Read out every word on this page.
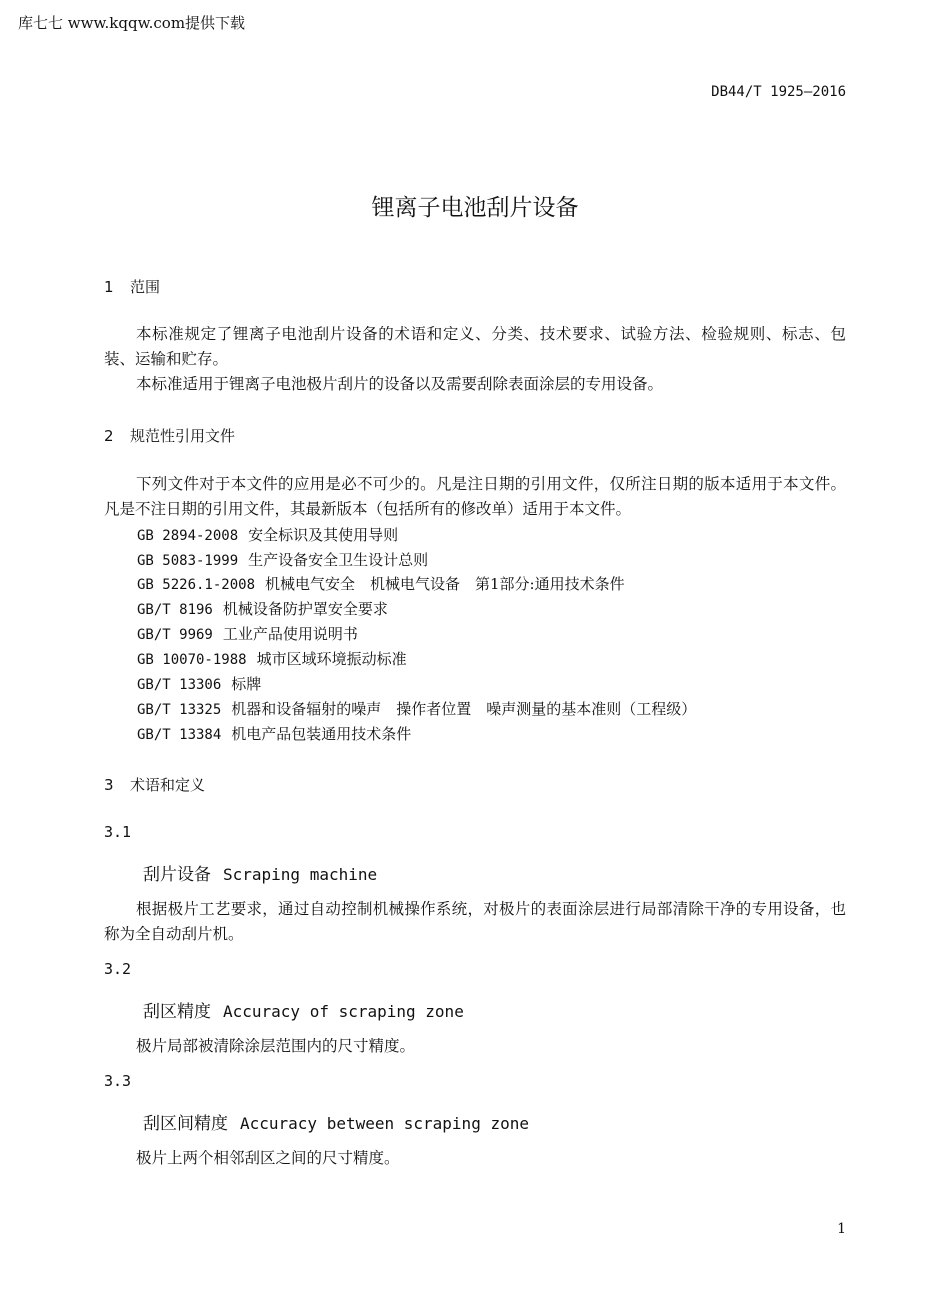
库七七 www.kqqw.com提供下载
DB44/T 1925—2016
锂离子电池刮片设备
1 范围
本标准规定了锂离子电池刮片设备的术语和定义、分类、技术要求、试验方法、检验规则、标志、包装、运输和贮存。
本标准适用于锂离子电池极片刮片的设备以及需要刮除表面涂层的专用设备。
2 规范性引用文件
下列文件对于本文件的应用是必不可少的。凡是注日期的引用文件，仅所注日期的版本适用于本文件。凡是不注日期的引用文件，其最新版本（包括所有的修改单）适用于本文件。
GB 2894-2008 安全标识及其使用导则
GB 5083-1999 生产设备安全卫生设计总则
GB 5226.1-2008 机械电气安全　机械电气设备　第1部分:通用技术条件
GB/T 8196 机械设备防护罩安全要求
GB/T 9969 工业产品使用说明书
GB 10070-1988 城市区域环境振动标准
GB/T 13306 标牌
GB/T 13325 机器和设备辐射的噪声　操作者位置　噪声测量的基本准则（工程级）
GB/T 13384 机电产品包装通用技术条件
3 术语和定义
3.1
刮片设备 Scraping machine
根据极片工艺要求，通过自动控制机械操作系统，对极片的表面涂层进行局部清除干净的专用设备，也称为全自动刮片机。
3.2
刮区精度 Accuracy of scraping zone
极片局部被清除涂层范围内的尺寸精度。
3.3
刮区间精度 Accuracy between scraping zone
极片上两个相邻刮区之间的尺寸精度。
1
